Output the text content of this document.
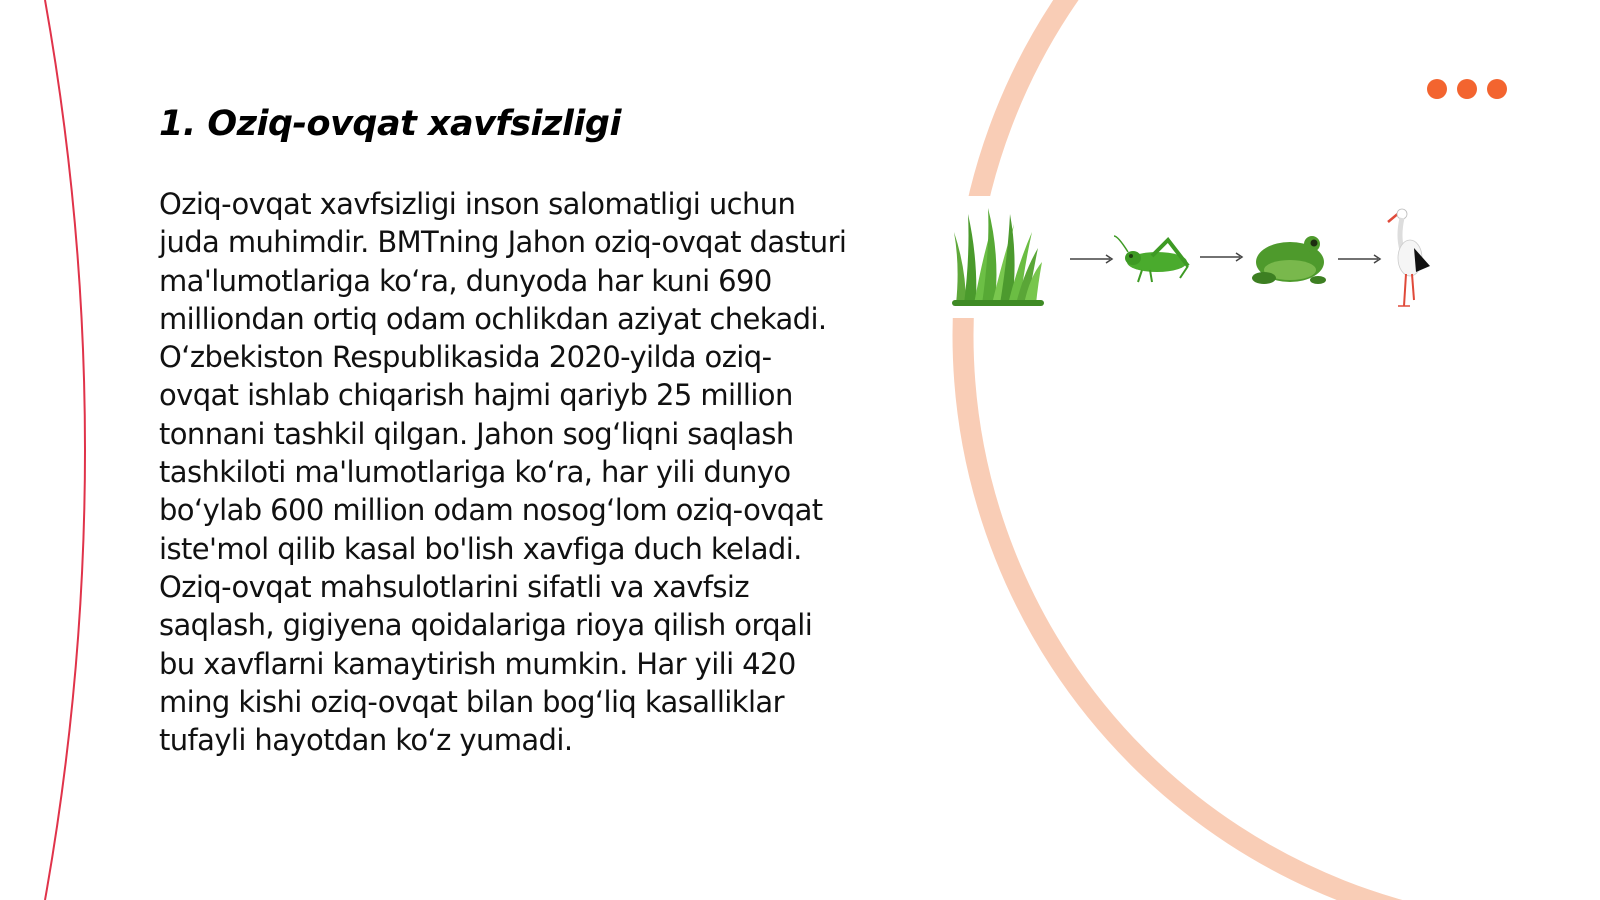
1. Oziq-ovqat xavfsizligi

Oziq-ovqat xavfsizligi inson salomatligi uchun juda muhimdir. BMTning Jahon oziq-ovqat dasturi ma'lumotlariga ko‘ra, dunyoda har kuni 690 milliondan ortiq odam ochlikdan aziyat chekadi. O‘zbekiston Respublikasida 2020-yilda oziq-ovqat ishlab chiqarish hajmi qariyb 25 million tonnani tashkil qilgan. Jahon sog‘liqni saqlash tashkiloti ma'lumotlariga ko‘ra, har yili dunyo bo‘ylab 600 million odam nosog‘lom oziq-ovqat iste'mol qilib kasal bo'lish xavfiga duch keladi. Oziq-ovqat mahsulotlarini sifatli va xavfsiz saqlash, gigiyena qoidalariga rioya qilish orqali bu xavflarni kamaytirish mumkin. Har yili 420 ming kishi oziq-ovqat bilan bog‘liq kasalliklar tufayli hayotdan ko‘z yumadi.
